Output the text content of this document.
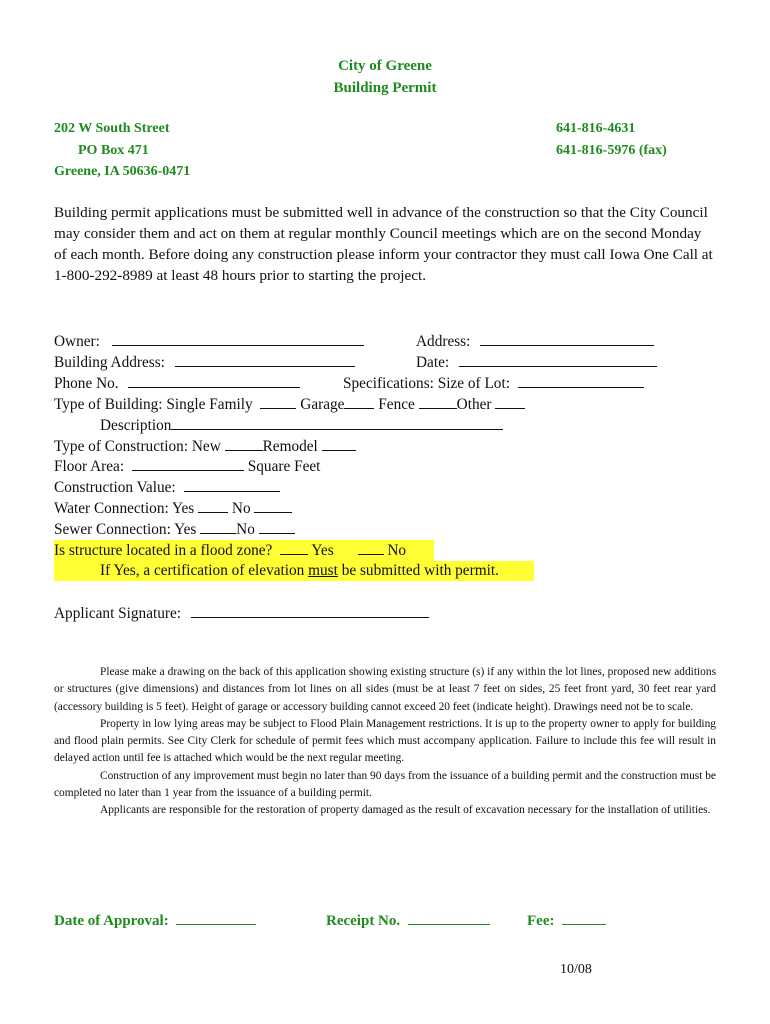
City of Greene
Building Permit
202 W South Street
PO Box 471
Greene, IA 50636-0471
641-816-4631
641-816-5976 (fax)
Building permit applications must be submitted well in advance of the construction so that the City Council may consider them and act on them at regular monthly Council meetings which are on the second Monday of each month. Before doing any construction please inform your contractor they must call Iowa One Call at 1-800-292-8989 at least 48 hours prior to starting the project.
Owner:	Address:
Building Address:	Date:
Phone No.	Specifications: Size of Lot:
Type of Building: Single Family	Garage Fence	Other
Description
Type of Construction: New	Remodel
Floor Area:	Square Feet
Construction Value:
Water Connection: Yes No
Sewer Connection: Yes	No
Is structure located in a flood zone?	Yes	No
If Yes, a certification of elevation must be submitted with permit.
Applicant Signature:

Please make a drawing on the back of this application showing existing structure (s) if any within the lot lines, proposed new additions or structures (give dimensions) and distances from lot lines on all sides (must be at least 7 feet on sides, 25 feet front yard, 30 feet rear yard (accessory building is 5 feet). Height of garage or accessory building cannot exceed 20 feet (indicate height). Drawings need not be to scale.

Property in low lying areas may be subject to Flood Plain Management restrictions. It is up to the property owner to apply for building and flood plain permits. See City Clerk for schedule of permit fees which must accompany application. Failure to include this fee will result in delayed action until fee is attached which would be the next regular meeting.

Construction of any improvement must begin no later than 90 days from the issuance of a building permit and the construction must be completed no later than 1 year from the issuance of a building permit.

Applicants are responsible for the restoration of property damaged as the result of excavation necessary for the installation of utilities.

Date of Approval:	Receipt No.	Fee:
10/08
